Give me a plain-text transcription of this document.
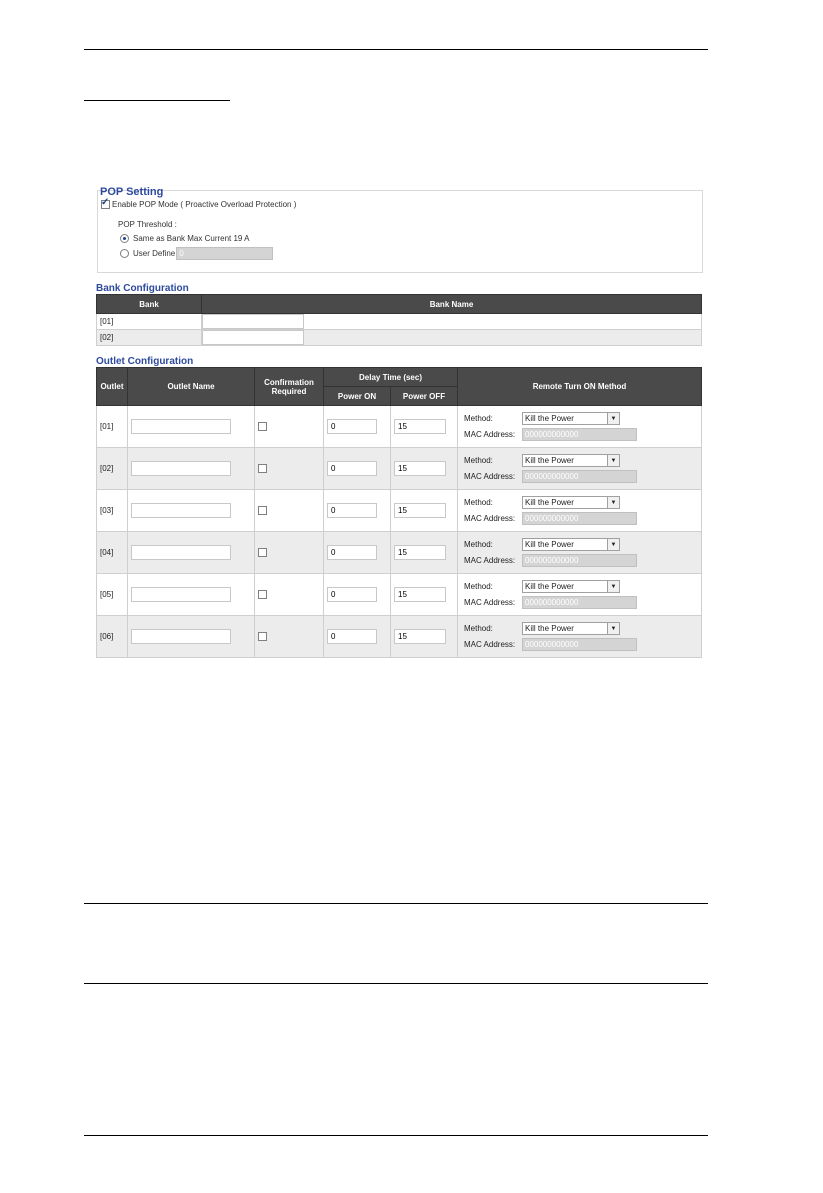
POP Setting
✓
Enable POP Mode ( Proactive Overload Protection )
POP Threshold :
Same as Bank Max Current 19 A
User Define 0
Bank Configuration
Bank	Bank Name
[01]	

[02]	
Outlet Configuration
Outlet	Outlet Name	Confirmation Required	Delay Time (sec)		Remote Turn ON Method
			Power ON	Power OFF	
[01]			0	15	Method: Kill the Power ▼
MAC Address: 000000000000

[02]			0	15	Method: Kill the Power ▼
MAC Address: 000000000000

[03]			0	15	Method: Kill the Power ▼
MAC Address: 000000000000

[04]			0	15	Method: Kill the Power ▼
MAC Address: 000000000000

[05]			0	15	Method: Kill the Power ▼
MAC Address: 000000000000

[06]			0	15	Method: Kill the Power ▼
MAC Address: 000000000000
